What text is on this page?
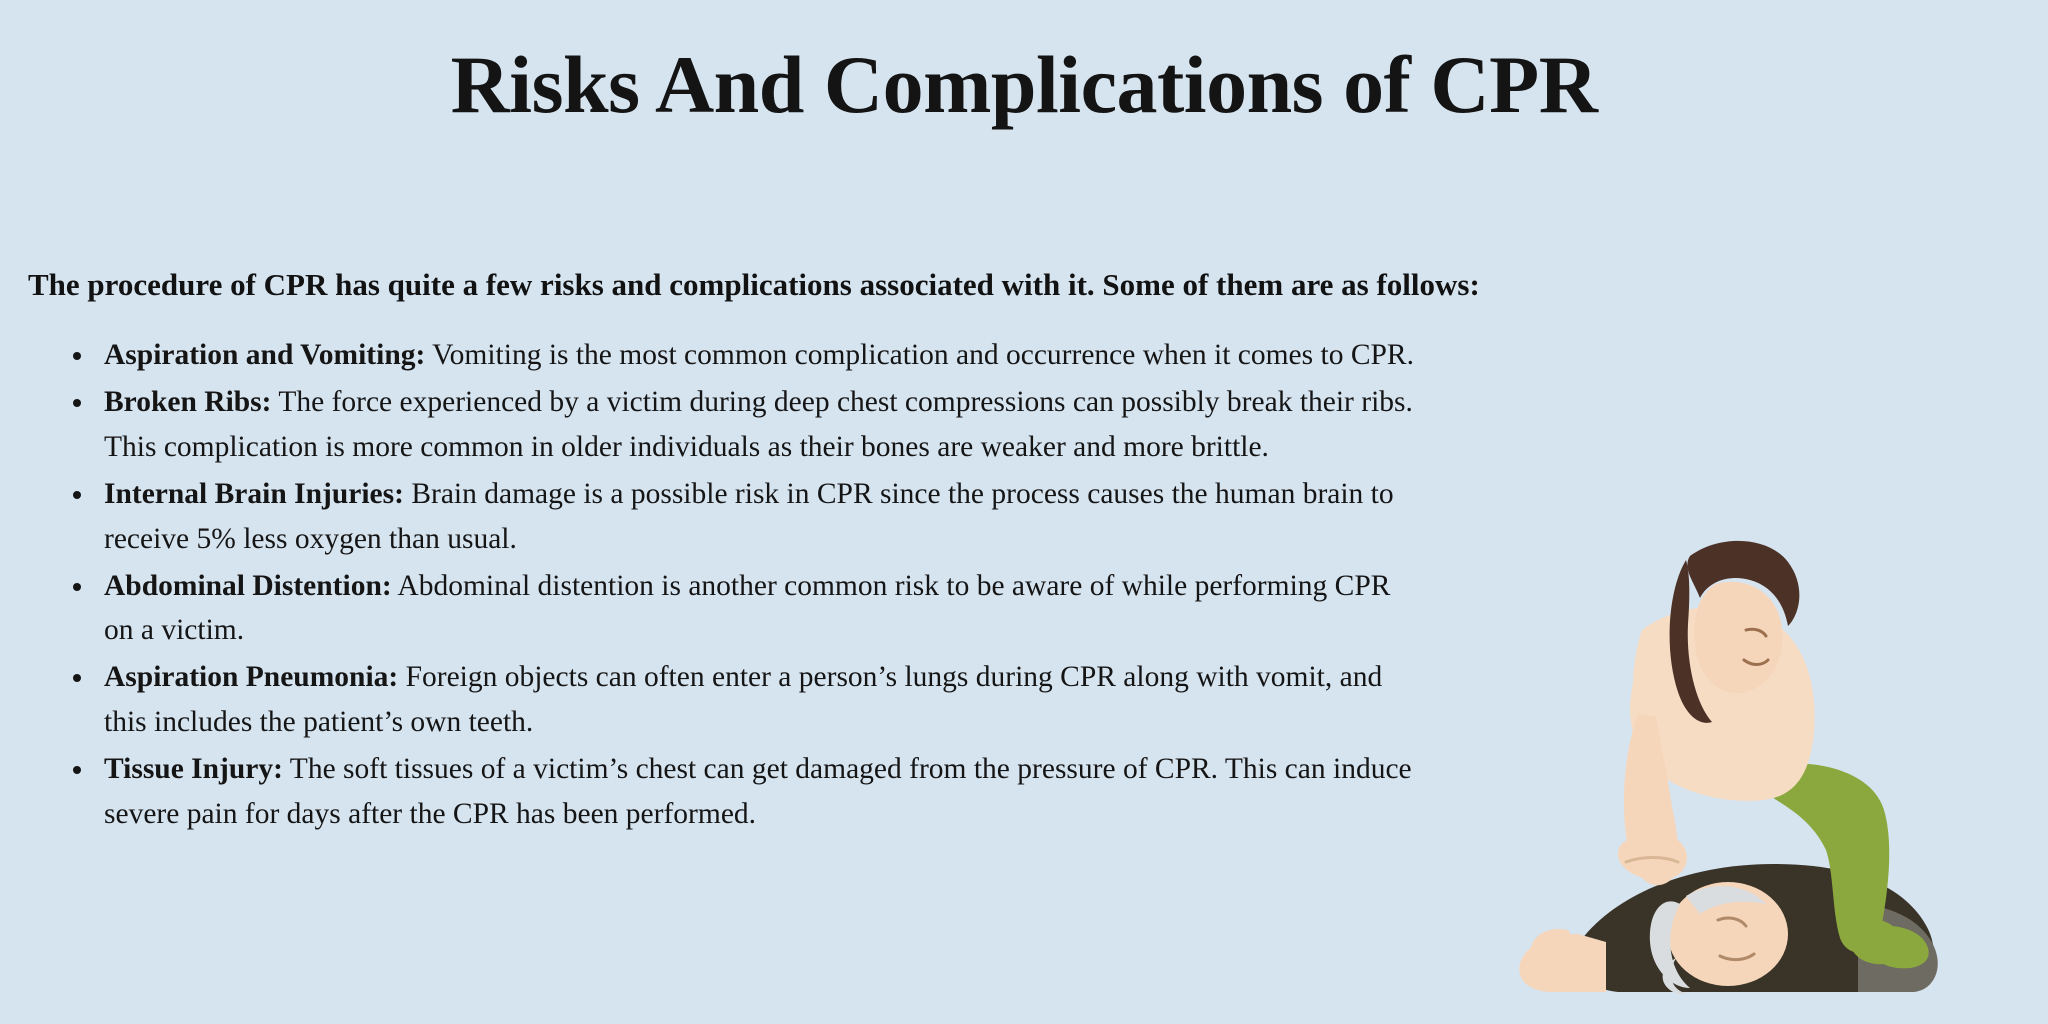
Risks And Complications of CPR

The procedure of CPR has quite a few risks and complications associated with it. Some of them are as follows:

• Aspiration and Vomiting: Vomiting is the most common complication and occurrence when it comes to CPR.
• Broken Ribs: The force experienced by a victim during deep chest compressions can possibly break their ribs. This complication is more common in older individuals as their bones are weaker and more brittle.
• Internal Brain Injuries: Brain damage is a possible risk in CPR since the process causes the human brain to receive 5% less oxygen than usual.
• Abdominal Distention: Abdominal distention is another common risk to be aware of while performing CPR on a victim.
• Aspiration Pneumonia: Foreign objects can often enter a person’s lungs during CPR along with vomit, and this includes the patient’s own teeth.
• Tissue Injury: The soft tissues of a victim’s chest can get damaged from the pressure of CPR. This can induce severe pain for days after the CPR has been performed.
